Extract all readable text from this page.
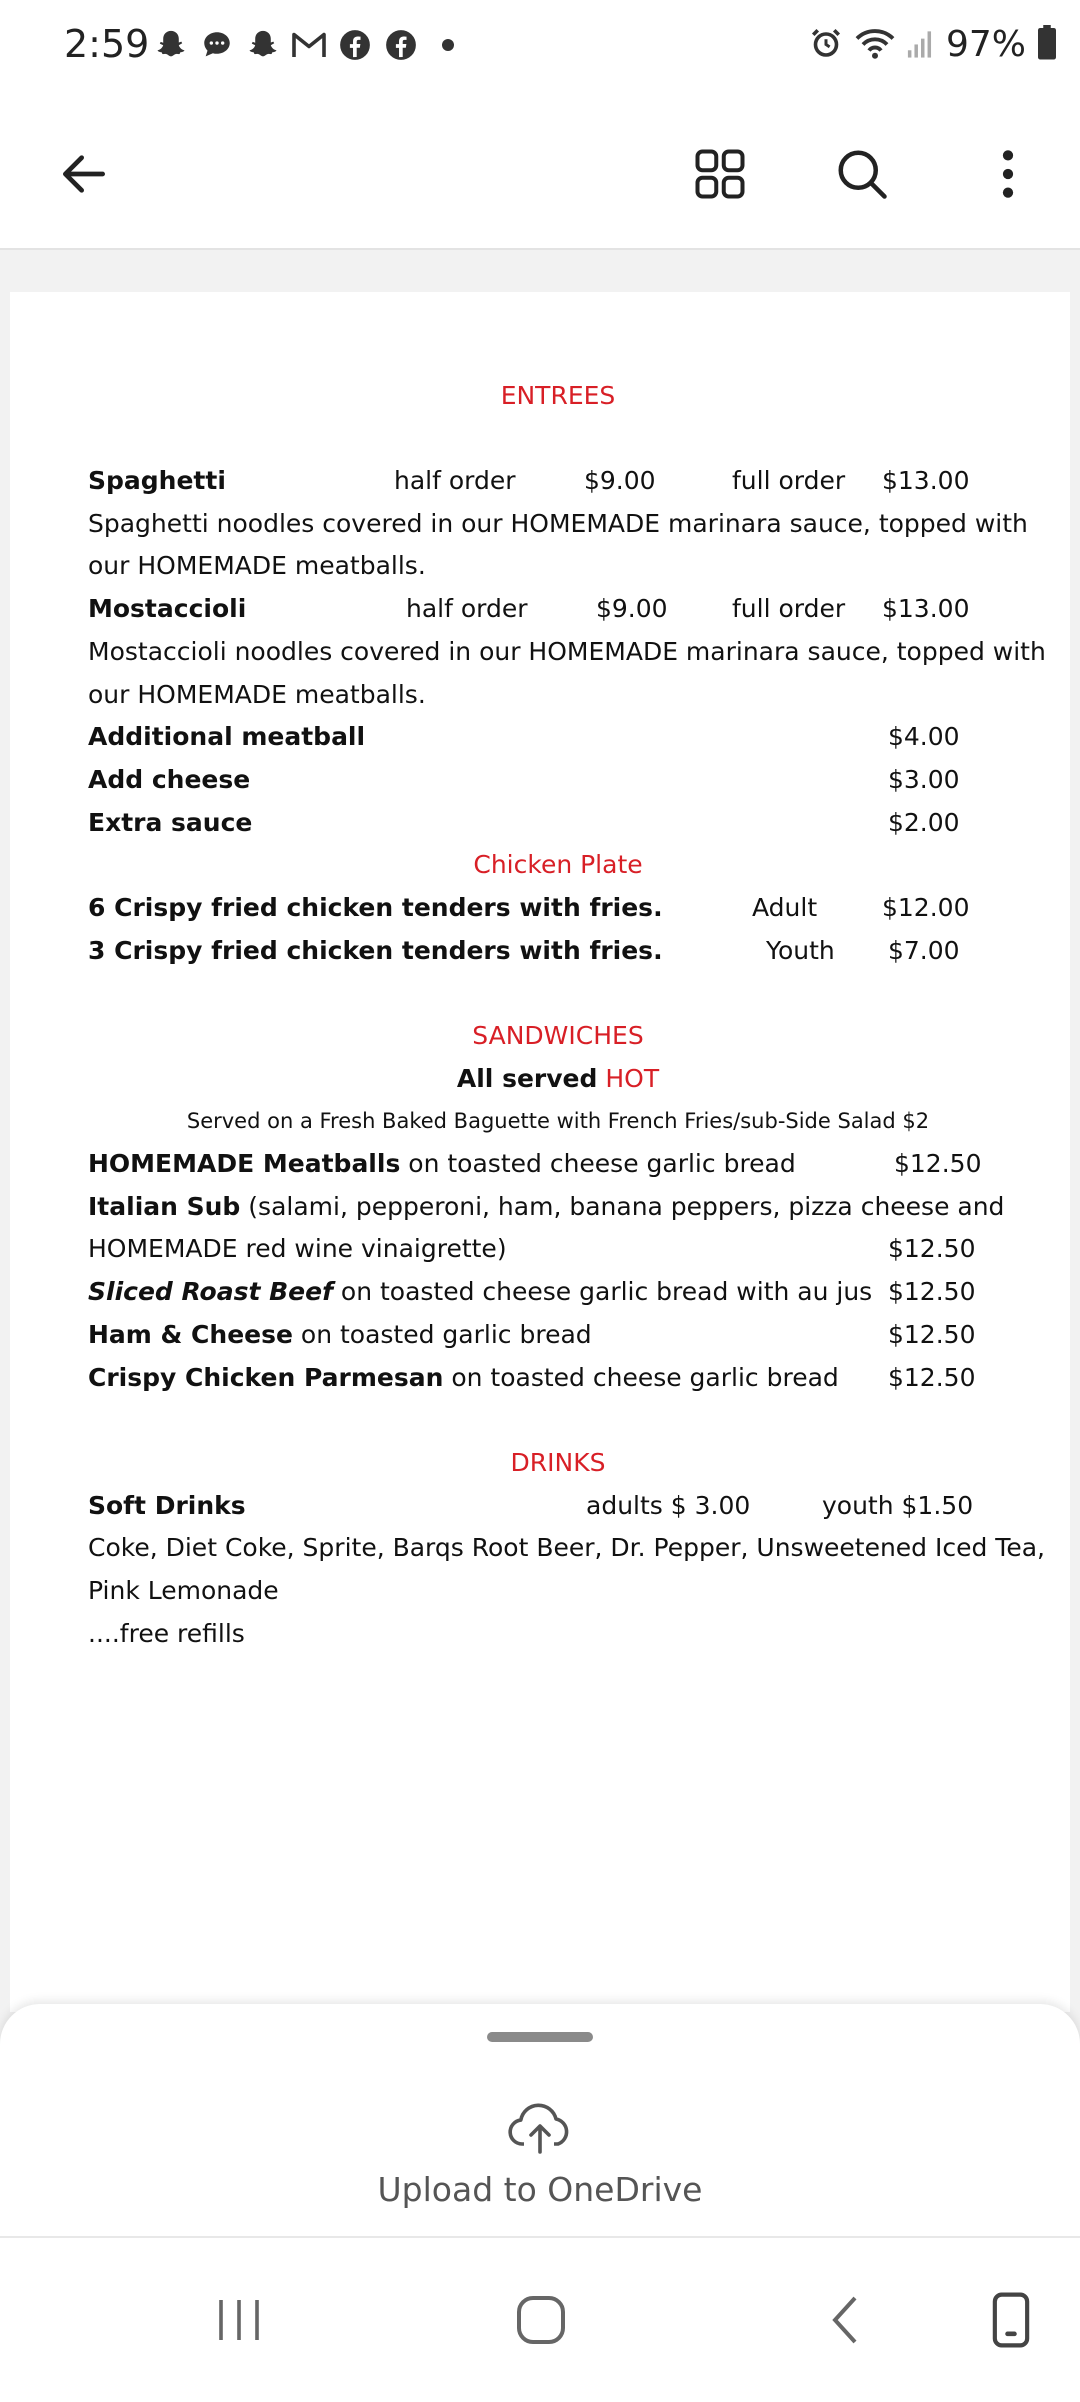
2:59	97%
ENTREES
Spaghetti	half order	$9.00	full order $13.00
Spaghetti noodles covered in our HOMEMADE marinara sauce, topped with
our HOMEMADE meatballs.
Mostaccioli	half order	$9.00	full order $13.00
Mostaccioli noodles covered in our HOMEMADE marinara sauce, topped with
our HOMEMADE meatballs.
Additional meatball	$4.00
Add cheese	$3.00
Extra sauce	$2.00
Chicken Plate
6 Crispy fried chicken tenders with fries.	Adult	$12.00
3 Crispy fried chicken tenders with fries.	Youth $7.00
SANDWICHES
All served HOT
Served on a Fresh Baked Baguette with French Fries/sub-Side Salad $2
HOMEMADE Meatballs on toasted cheese garlic bread	$12.50
Italian Sub (salami, pepperoni, ham, banana peppers, pizza cheese and
HOMEMADE red wine vinaigrette)	$12.50
Sliced Roast Beef on toasted cheese garlic bread with au jus $12.50
Ham & Cheese on toasted garlic bread	$12.50
Crispy Chicken Parmesan on toasted cheese garlic bread $12.50
DRINKS
Soft Drinks	adults $ 3.00	youth $1.50
Coke, Diet Coke, Sprite, Barqs Root Beer, Dr. Pepper, Unsweetened Iced Tea,
Pink Lemonade
....free refills
Upload to OneDrive
